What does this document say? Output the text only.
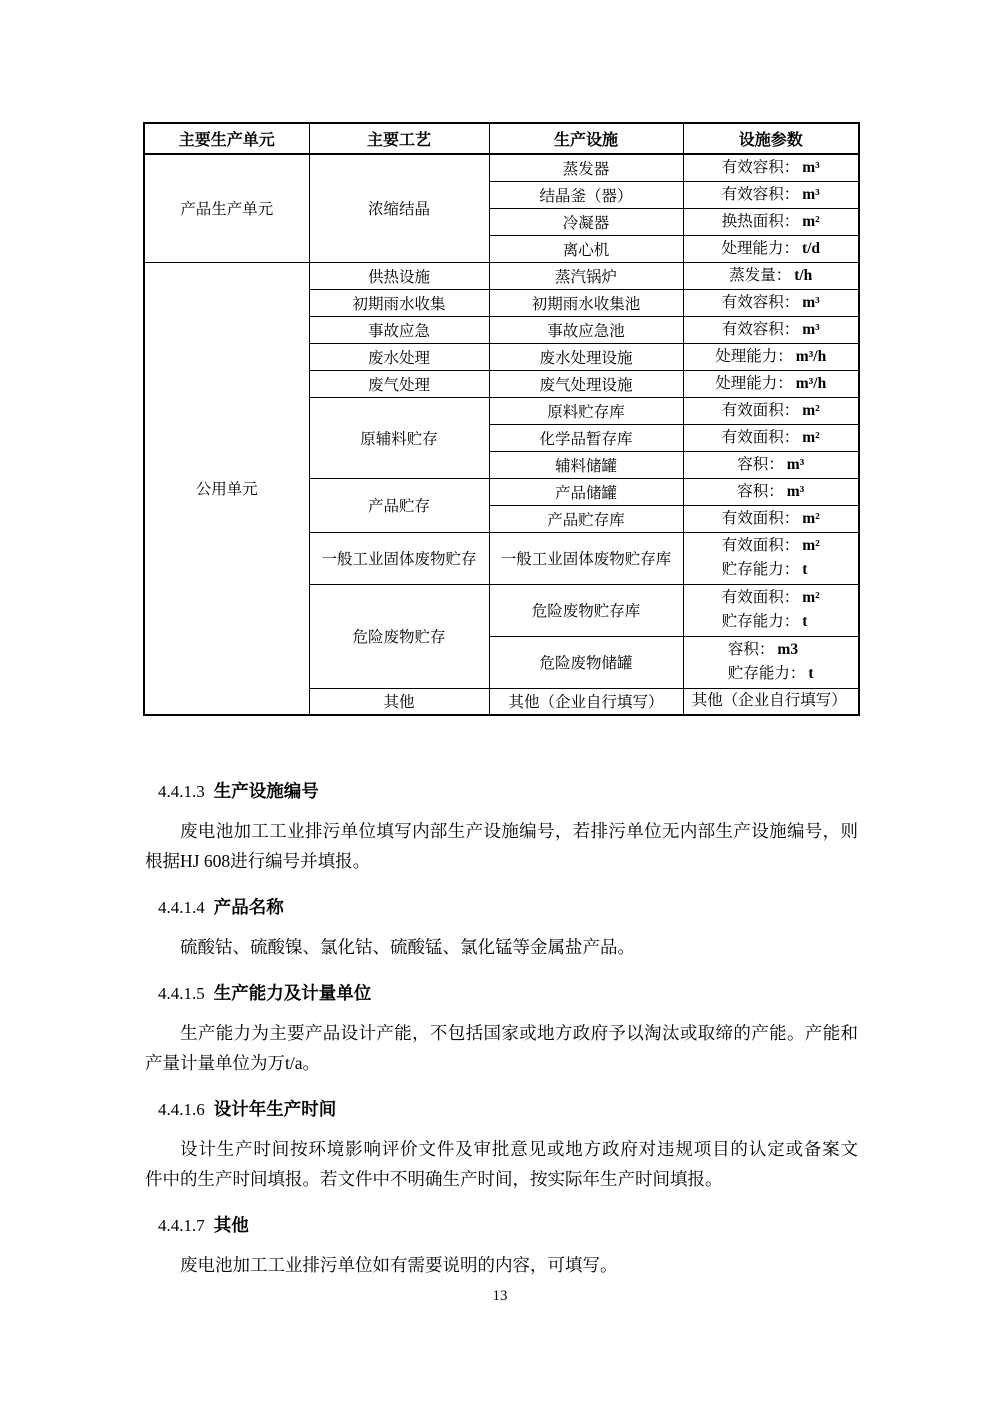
主要生产单元	主要工艺	生产设施	设施参数
产品生产单元	浓缩结晶	蒸发器	有效容积： m³

		结晶釜（器）	有效容积： m³

		冷凝器	换热面积： m²

		离心机	处理能力： t/d

公用单元	供热设施	蒸汽锅炉	蒸发量： t/h

	初期雨水收集	初期雨水收集池	有效容积： m³

	事故应急	事故应急池	有效容积： m³

	废水处理	废水处理设施	处理能力： m³/h

	废气处理	废气处理设施	处理能力： m³/h

	原辅料贮存	原料贮存库	有效面积： m²

		化学品暂存库	有效面积： m²

		辅料储罐	容积： m³

	产品贮存	产品储罐	容积： m³

		产品贮存库	有效面积： m²

	一般工业固体废物贮存	一般工业固体废物贮存库	有效面积： m²
贮存能力： t

	危险废物贮存	危险废物贮存库	有效面积： m²
贮存能力： t

		危险废物储罐	容积： m3
贮存能力： t

	其他	其他（企业自行填写）	其他（企业自行填写）
4.4.1.3 生产设施编号
废电池加工工业排污单位填写内部生产设施编号，若排污单位无内部生产设施编号，则
根据HJ 608进行编号并填报。
4.4.1.4 产品名称
硫酸钴、硫酸镍、氯化钴、硫酸锰、氯化锰等金属盐产品。
4.4.1.5 生产能力及计量单位
生产能力为主要产品设计产能，不包括国家或地方政府予以淘汰或取缔的产能。产能和
产量计量单位为万t/a。
4.4.1.6 设计年生产时间
设计生产时间按环境影响评价文件及审批意见或地方政府对违规项目的认定或备案文
件中的生产时间填报。若文件中不明确生产时间，按实际年生产时间填报。
4.4.1.7 其他
废电池加工工业排污单位如有需要说明的内容，可填写。
13
